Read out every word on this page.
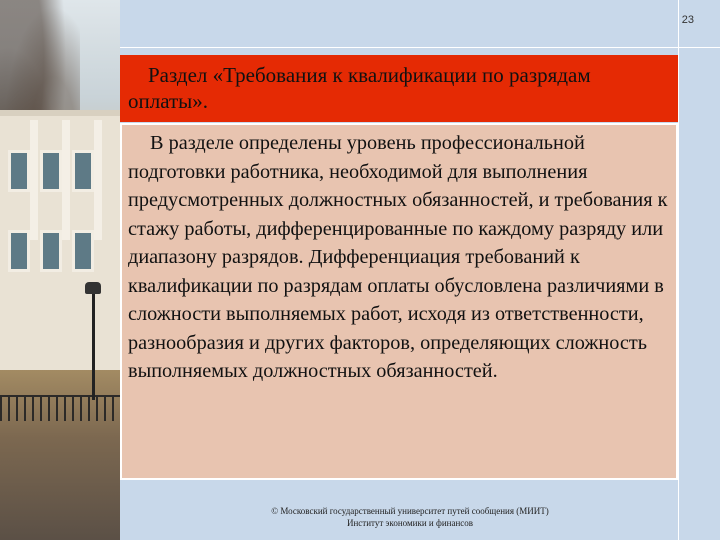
23
Раздел «Требования к квалификации по разрядам оплаты».
В разделе определены уровень профессиональной подготовки работника, необходимой для выполнения предусмотренных должностных обязанностей, и требования к стажу работы, дифференцированные по каждому разряду или диапазону разрядов. Дифференциация требований к квалификации по разрядам оплаты обусловлена различиями в сложности выполняемых работ, исходя из ответственности, разнообразия и других факторов, определяющих сложность выполняемых должностных обязанностей.
© Московский государственный университет путей сообщения (МИИТ)
Институт экономики и финансов
